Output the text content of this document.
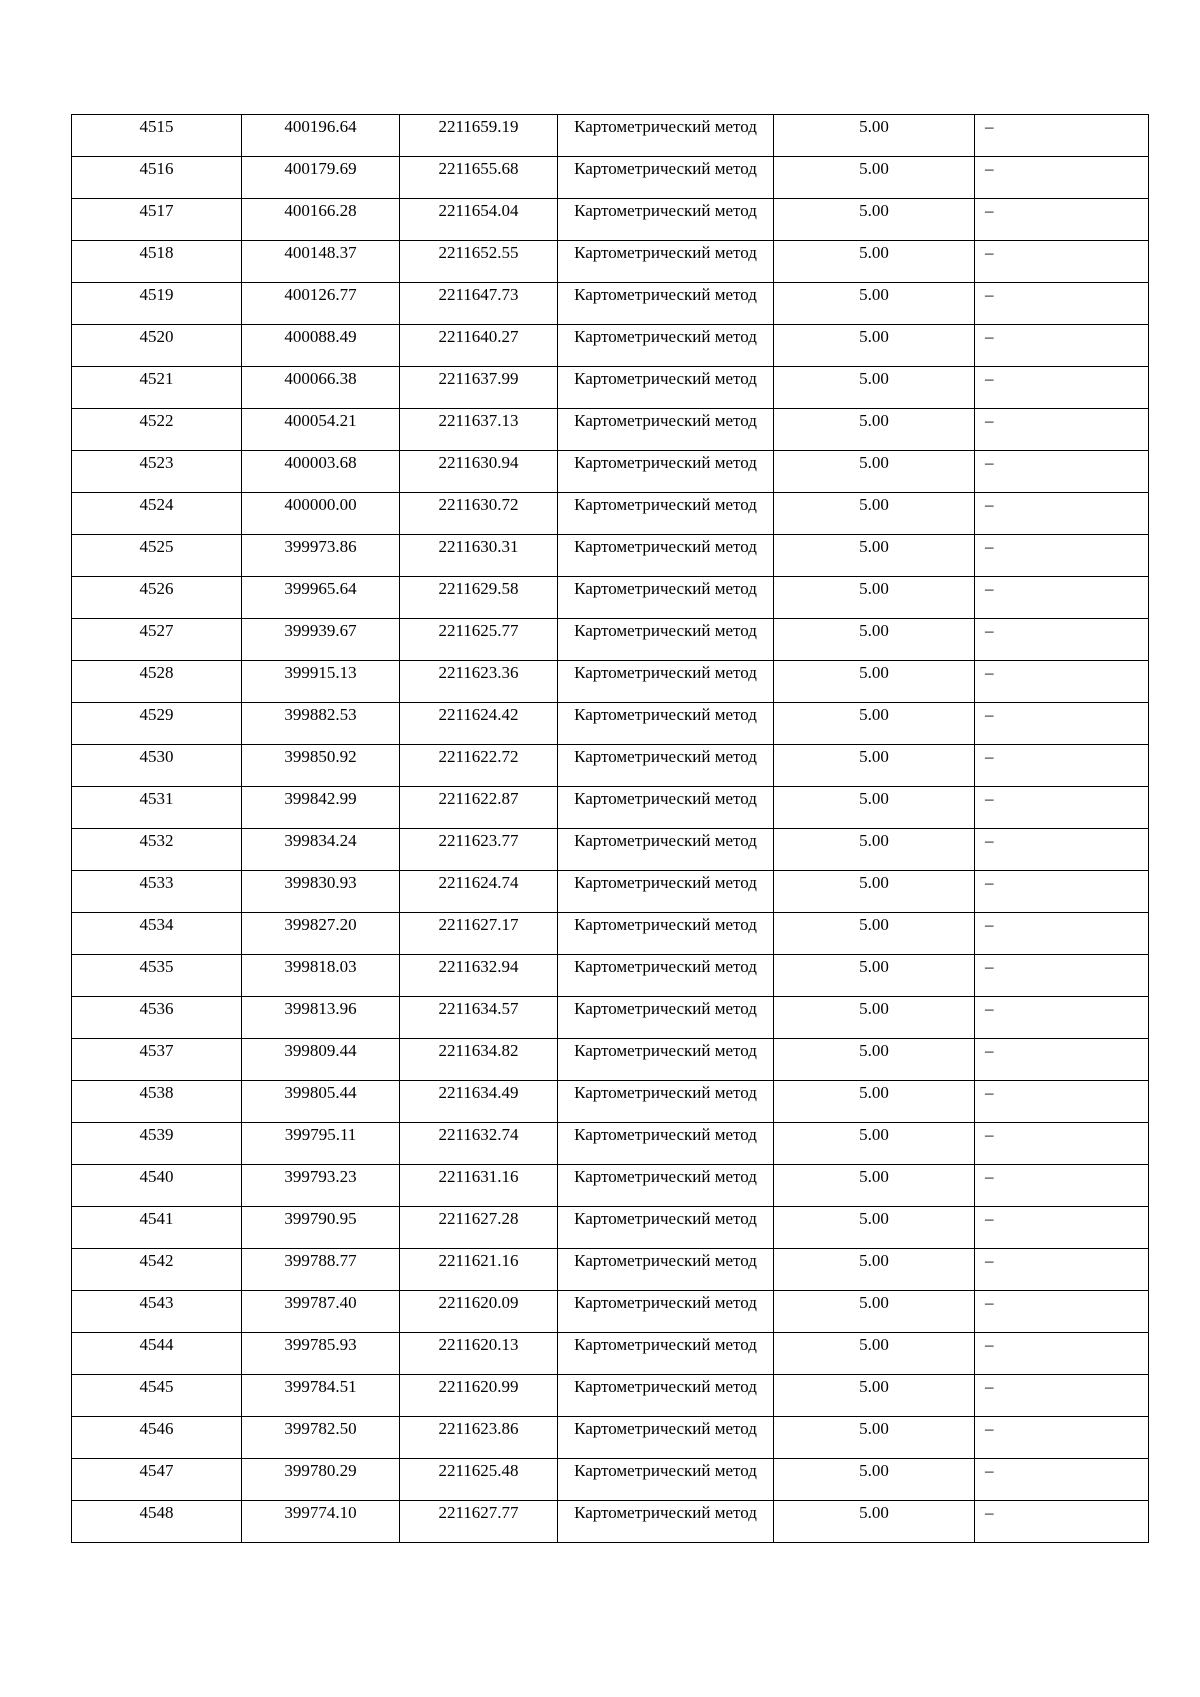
4515	400196.64	2211659.19	Картометрический метод	5.00	–
4516	400179.69	2211655.68	Картометрический метод	5.00	–
4517	400166.28	2211654.04	Картометрический метод	5.00	–
4518	400148.37	2211652.55	Картометрический метод	5.00	–
4519	400126.77	2211647.73	Картометрический метод	5.00	–
4520	400088.49	2211640.27	Картометрический метод	5.00	–
4521	400066.38	2211637.99	Картометрический метод	5.00	–
4522	400054.21	2211637.13	Картометрический метод	5.00	–
4523	400003.68	2211630.94	Картометрический метод	5.00	–
4524	400000.00	2211630.72	Картометрический метод	5.00	–
4525	399973.86	2211630.31	Картометрический метод	5.00	–
4526	399965.64	2211629.58	Картометрический метод	5.00	–
4527	399939.67	2211625.77	Картометрический метод	5.00	–
4528	399915.13	2211623.36	Картометрический метод	5.00	–
4529	399882.53	2211624.42	Картометрический метод	5.00	–
4530	399850.92	2211622.72	Картометрический метод	5.00	–
4531	399842.99	2211622.87	Картометрический метод	5.00	–
4532	399834.24	2211623.77	Картометрический метод	5.00	–
4533	399830.93	2211624.74	Картометрический метод	5.00	–
4534	399827.20	2211627.17	Картометрический метод	5.00	–
4535	399818.03	2211632.94	Картометрический метод	5.00	–
4536	399813.96	2211634.57	Картометрический метод	5.00	–
4537	399809.44	2211634.82	Картометрический метод	5.00	–
4538	399805.44	2211634.49	Картометрический метод	5.00	–
4539	399795.11	2211632.74	Картометрический метод	5.00	–
4540	399793.23	2211631.16	Картометрический метод	5.00	–
4541	399790.95	2211627.28	Картометрический метод	5.00	–
4542	399788.77	2211621.16	Картометрический метод	5.00	–
4543	399787.40	2211620.09	Картометрический метод	5.00	–
4544	399785.93	2211620.13	Картометрический метод	5.00	–
4545	399784.51	2211620.99	Картометрический метод	5.00	–
4546	399782.50	2211623.86	Картометрический метод	5.00	–
4547	399780.29	2211625.48	Картометрический метод	5.00	–
4548	399774.10	2211627.77	Картометрический метод	5.00	–
